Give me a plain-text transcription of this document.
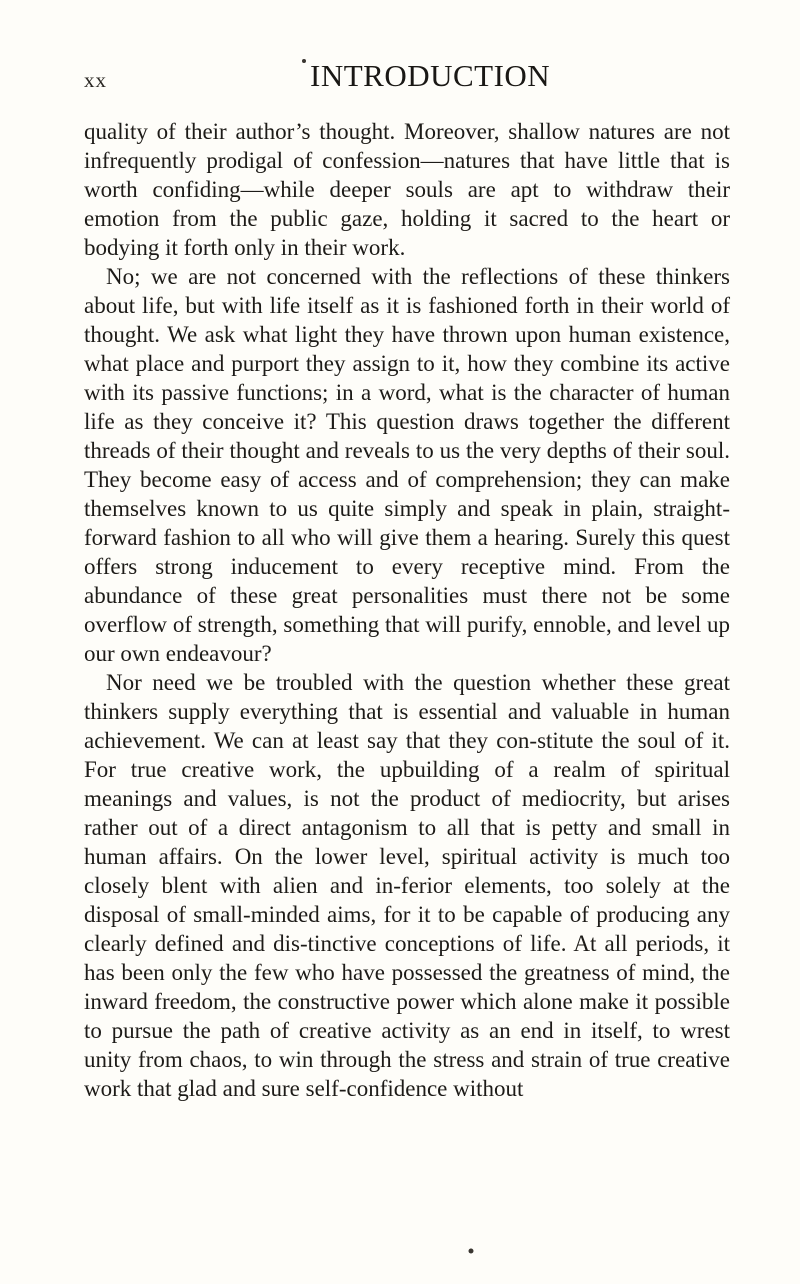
xx	INTRODUCTION

quality of their author’s thought. Moreover, shallow natures are not infrequently prodigal of confession—natures that have little that is worth confiding—while deeper souls are apt to withdraw their emotion from the public gaze, holding it sacred to the heart or bodying it forth only in their work.

No; we are not concerned with the reflections of these thinkers about life, but with life itself as it is fashioned forth in their world of thought. We ask what light they have thrown upon human existence, what place and purport they assign to it, how they combine its active with its passive functions; in a word, what is the character of human life as they conceive it? This question draws together the different threads of their thought and reveals to us the very depths of their soul. They become easy of access and of comprehension; they can make themselves known to us quite simply and speak in plain, straight-forward fashion to all who will give them a hearing. Surely this quest offers strong inducement to every receptive mind. From the abundance of these great personalities must there not be some overflow of strength, something that will purify, ennoble, and level up our own endeavour?

Nor need we be troubled with the question whether these great thinkers supply everything that is essential and valuable in human achievement. We can at least say that they con-stitute the soul of it. For true creative work, the upbuilding of a realm of spiritual meanings and values, is not the product of mediocrity, but arises rather out of a direct antagonism to all that is petty and small in human affairs. On the lower level, spiritual activity is much too closely blent with alien and in-ferior elements, too solely at the disposal of small-minded aims, for it to be capable of producing any clearly defined and dis-tinctive conceptions of life. At all periods, it has been only the few who have possessed the greatness of mind, the inward freedom, the constructive power which alone make it possible to pursue the path of creative activity as an end in itself, to wrest unity from chaos, to win through the stress and strain of true creative work that glad and sure self-confidence without
